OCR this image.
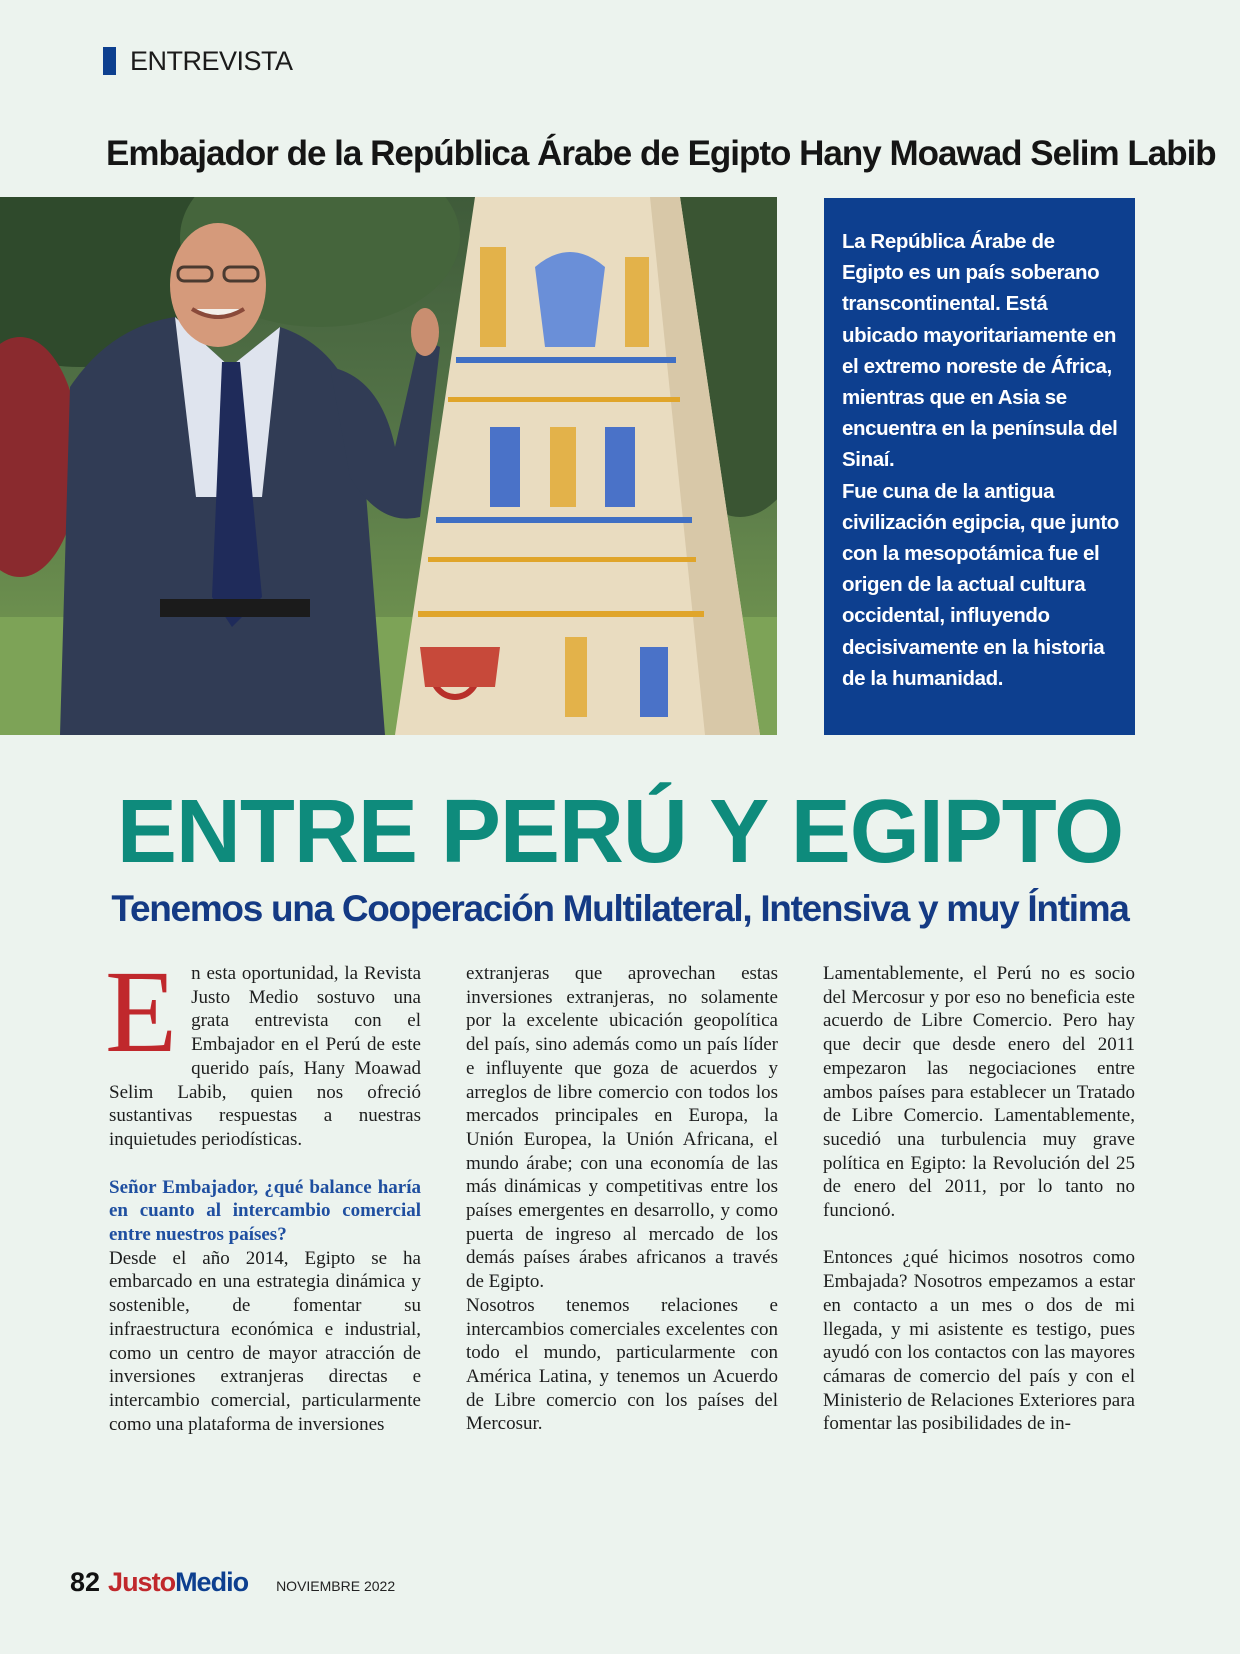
ENTREVISTA
Embajador de la República Árabe de Egipto Hany Moawad Selim Labib

La República Árabe de Egipto es un país soberano transcontinental. Está ubicado mayoritariamente en el extremo noreste de África, mientras que en Asia se encuentra en la península del Sinaí.

Fue cuna de la antigua civilización egipcia, que junto con la mesopotámica fue el origen de la actual cultura occidental, influyendo decisivamente en la historia de la humanidad.

ENTRE PERÚ Y EGIPTO
Tenemos una Cooperación Multilateral, Intensiva y muy Íntima

En esta oportunidad, la Revista Justo Medio sostuvo una grata entrevista con el Embajador en el Perú de este querido país, Hany Moawad Selim Labib, quien nos ofreció sustantivas respuestas a nuestras inquietudes periodísticas.

Señor Embajador, ¿qué balance haría en cuanto al intercambio comercial entre nuestros países?

Desde el año 2014, Egipto se ha embarcado en una estrategia dinámica y sostenible, de fomentar su infraestructura económica e industrial, como un centro de mayor atracción de inversiones extranjeras directas e intercambio comercial, particularmente como una plataforma de inversiones

extranjeras que aprovechan estas inversiones extranjeras, no solamente por la excelente ubicación geopolítica del país, sino además como un país líder e influyente que goza de acuerdos y arreglos de libre comercio con todos los mercados principales en Europa, la Unión Europea, la Unión Africana, el mundo árabe; con una economía de las más dinámicas y competitivas entre los países emergentes en desarrollo, y como puerta de ingreso al mercado de los demás países árabes africanos a través de Egipto.

Nosotros tenemos relaciones e intercambios comerciales excelentes con todo el mundo, particularmente con América Latina, y tenemos un Acuerdo de Libre comercio con los países del Mercosur.

Lamentablemente, el Perú no es socio del Mercosur y por eso no beneficia este acuerdo de Libre Comercio. Pero hay que decir que desde enero del 2011 empezaron las negociaciones entre ambos países para establecer un Tratado de Libre Comercio. Lamentablemente, sucedió una turbulencia muy grave política en Egipto: la Revolución del 25 de enero del 2011, por lo tanto no funcionó.

Entonces ¿qué hicimos nosotros como Embajada? Nosotros empezamos a estar en contacto a un mes o dos de mi llegada, y mi asistente es testigo, pues ayudó con los contactos con las mayores cámaras de comercio del país y con el Ministerio de Relaciones Exteriores para fomentar las posibilidades de in-

82 Justo Medio NOVIEMBRE 2022
